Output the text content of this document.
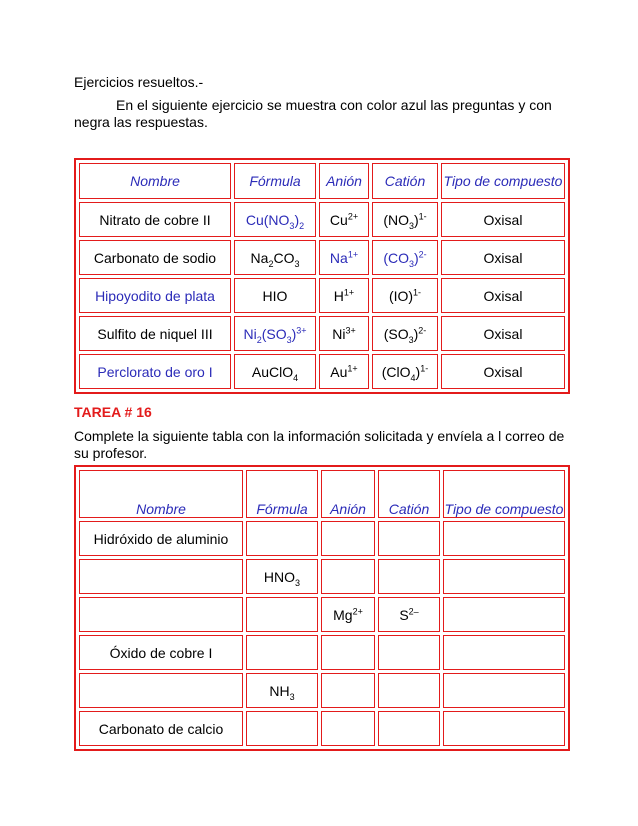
Ejercicios resueltos.-
En el siguiente ejercicio se muestra con color azul las preguntas y con negra las respuestas.
Nombre	Fórmula	Anión	Catión	Tipo de compuesto
Nitrato de cobre II	$Cu(NO_3)_2$	$Cu^{2+}$	$(NO_3)^{1-}$	Oxisal
Carbonato de sodio	$Na_2CO_3$	$Na^{1+}$	$(CO_3)^{2-}$	Oxisal
Hipoyodito de plata	HIO	$H^{1+}$	(IO)$^{1-}$	Oxisal
Sulfito de niquel III	$Ni_2(SO_3)^{3+}$	$Ni^{3+}$	$(SO_3)^{2-}$	Oxisal
Perclorato de oro I	AuClO$_4$	$Au^{1+}$	$(ClO_4)^{1-}$	Oxisal
TAREA # 16
Complete la siguiente tabla con la información solicitada y envíela a l correo de su profesor.
Nombre	Fórmula	Anión	Catión	Tipo de compuesto
Hidróxido de aluminio				
	$HNO_3$			
		$Mg^{2+}$	$S^{2-}$	
Óxido de cobre I				
	$NH_3$			
Carbonato de calcio				
